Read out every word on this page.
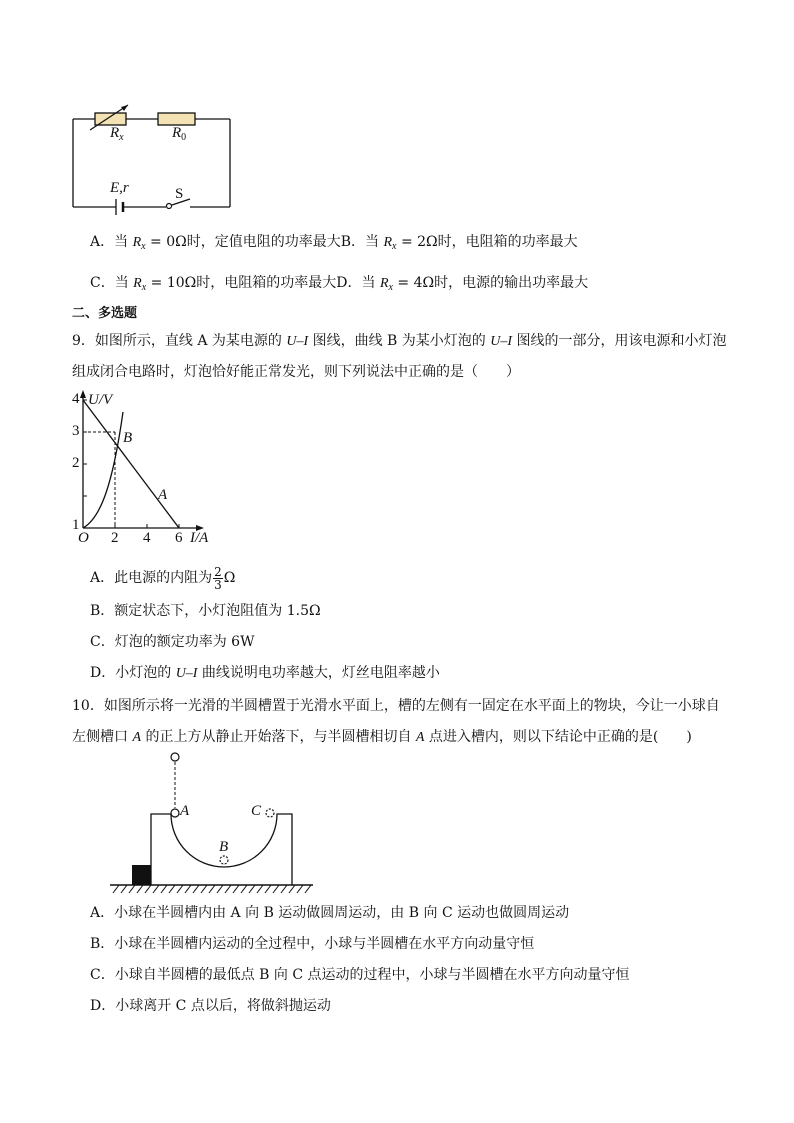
$R_x$	$R_0$
E,r	S
A．当 $R_x = 0\Omega$时，定值电阻的功率最大B．当 $R_x = 2\Omega$时，电阻箱的功率最大
C．当 $R_x = 10\Omega$时，电阻箱的功率最大D．当 $R_x = 4\Omega$时，电源的输出功率最大
二、多选题
9．如图所示，直线 A 为某电源的 U–I 图线，曲线 B 为某小灯泡的 U–I 图线的一部分，用该电源和小灯泡
组成闭合电路时，灯泡恰好能正常发光，则下列说法中正确的是（　　）
U/V
4
3
2
1
O 2 4 6 I/A
A
B
A．此电源的内阻为 $\frac{2}{3}$ Ω
B．额定状态下，小灯泡阻值为 1.5Ω
C．灯泡的额定功率为 6W
D．小灯泡的 U–I 曲线说明电功率越大，灯丝电阻率越小
10．如图所示将一光滑的半圆槽置于光滑水平面上，槽的左侧有一固定在水平面上的物块，今让一小球自
左侧槽口 A 的正上方从静止开始落下，与半圆槽相切自 A 点进入槽内，则以下结论中正确的是(　　)
A
B
C
A．小球在半圆槽内由 A 向 B 运动做圆周运动，由 B 向 C 运动也做圆周运动
B．小球在半圆槽内运动的全过程中，小球与半圆槽在水平方向动量守恒
C．小球自半圆槽的最低点 B 向 C 点运动的过程中，小球与半圆槽在水平方向动量守恒
D．小球离开 C 点以后，将做斜抛运动
